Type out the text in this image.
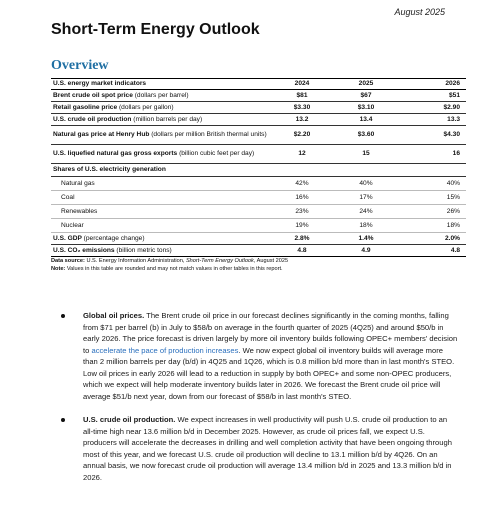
August 2025
Short-Term Energy Outlook
Overview
U.S. energy market indicators	2024	2025	2026
Brent crude oil spot price (dollars per barrel)	$81	$67	$51
Retail gasoline price (dollars per gallon)	$3.30	$3.10	$2.90
U.S. crude oil production (million barrels per day)	13.2	13.4	13.3
Natural gas price at Henry Hub (dollars per million British thermal units)	$2.20	$3.60	$4.30
U.S. liquefied natural gas gross exports (billion cubic feet per day)	12	15	16
Shares of U.S. electricity generation			
Natural gas	42%	40%	40%
Coal	16%	17%	15%
Renewables	23%	24%	26%
Nuclear	19%	18%	18%
U.S. GDP (percentage change)	2.8%	1.4%	2.0%
U.S. CO₂ emissions (billion metric tons)	4.8	4.9	4.8
Data source: U.S. Energy Information Administration, Short-Term Energy Outlook, August 2025
Note: Values in this table are rounded and may not match values in other tables in this report.
Global oil prices. The Brent crude oil price in our forecast declines significantly in the coming months, falling from $71 per barrel (b) in July to $58/b on average in the fourth quarter of 2025 (4Q25) and around $50/b in early 2026. The price forecast is driven largely by more oil inventory builds following OPEC+ members' decision to accelerate the pace of production increases. We now expect global oil inventory builds will average more than 2 million barrels per day (b/d) in 4Q25 and 1Q26, which is 0.8 million b/d more than in last month's STEO. Low oil prices in early 2026 will lead to a reduction in supply by both OPEC+ and some non-OPEC producers, which we expect will help moderate inventory builds later in 2026. We forecast the Brent crude oil price will average $51/b next year, down from our forecast of $58/b in last month's STEO.
U.S. crude oil production. We expect increases in well productivity will push U.S. crude oil production to an all-time high near 13.6 million b/d in December 2025. However, as crude oil prices fall, we expect U.S. producers will accelerate the decreases in drilling and well completion activity that have been ongoing through most of this year, and we forecast U.S. crude oil production will decline to 13.1 million b/d by 4Q26. On an annual basis, we now forecast crude oil production will average 13.4 million b/d in 2025 and 13.3 million b/d in 2026.
